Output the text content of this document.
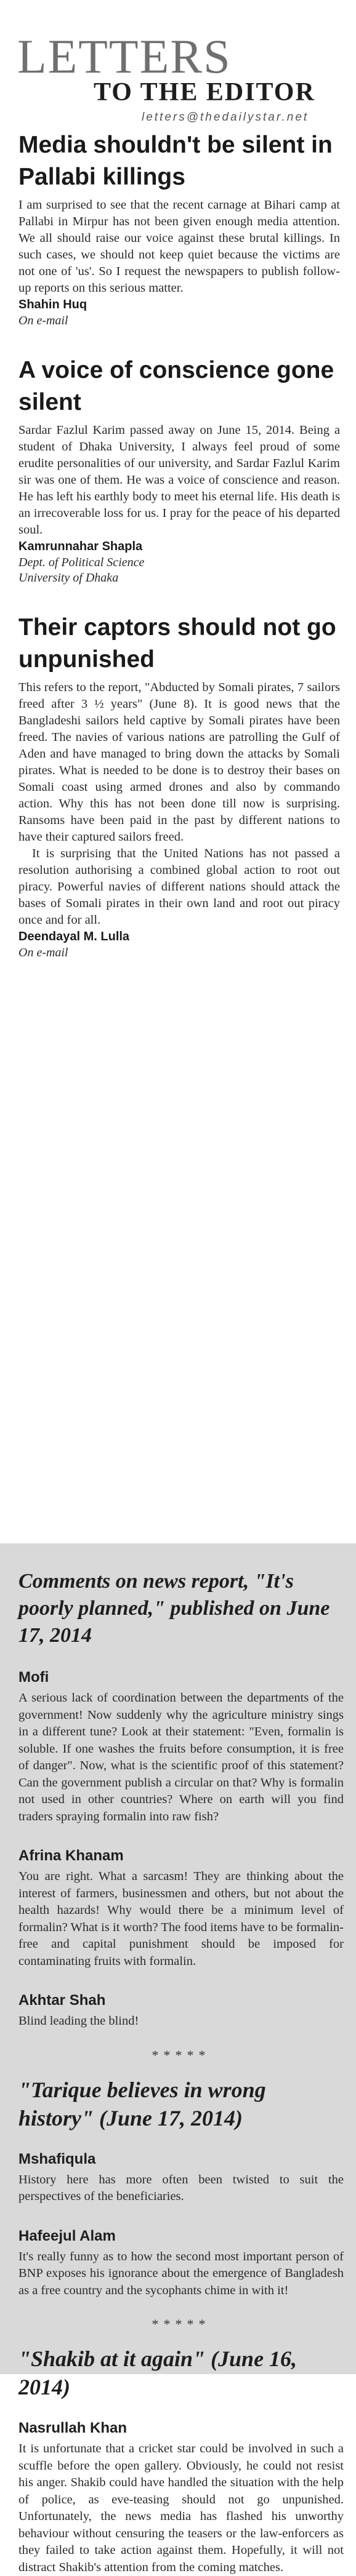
LETTERS
TO THE EDITOR
letters@thedailystar.net
Media shouldn't be silent in Pallabi killings

I am surprised to see that the recent carnage at Bihari camp at Pallabi in Mirpur has not been given enough media attention. We all should raise our voice against these brutal killings. In such cases, we should not keep quiet because the victims are not one of 'us'. So I request the newspapers to publish follow-up reports on this serious matter.

Shahin Huq
On e-mail
A voice of conscience gone silent

Sardar Fazlul Karim passed away on June 15, 2014. Being a student of Dhaka University, I always feel proud of some erudite personalities of our university, and Sardar Fazlul Karim sir was one of them. He was a voice of conscience and reason. He has left his earthly body to meet his eternal life. His death is an irrecoverable loss for us. I pray for the peace of his departed soul.

Kamrunnahar Shapla
Dept. of Political Science
University of Dhaka
Their captors should not go unpunished

This refers to the report, "Abducted by Somali pirates, 7 sailors freed after 3 ½ years" (June 8). It is good news that the Bangladeshi sailors held captive by Somali pirates have been freed. The navies of various nations are patrolling the Gulf of Aden and have managed to bring down the attacks by Somali pirates. What is needed to be done is to destroy their bases on Somali coast using armed drones and also by commando action. Why this has not been done till now is surprising. Ransoms have been paid in the past by different nations to have their captured sailors freed.

It is surprising that the United Nations has not passed a resolution authorising a combined global action to root out piracy. Powerful navies of different nations should attack the bases of Somali pirates in their own land and root out piracy once and for all.

Deendayal M. Lulla
On e-mail
Comments on news report, "It's poorly planned," published on June 17, 2014
Mofi
A serious lack of coordination between the departments of the government! Now suddenly why the agriculture ministry sings in a different tune? Look at their statement: "Even, formalin is soluble. If one washes the fruits before consumption, it is free of danger". Now, what is the scientific proof of this statement? Can the government publish a circular on that? Why is formalin not used in other countries? Where on earth will you find traders spraying formalin into raw fish?
Afrina Khanam
You are right. What a sarcasm! They are thinking about the interest of farmers, businessmen and others, but not about the health hazards! Why would there be a minimum level of formalin? What is it worth? The food items have to be formalin-free and capital punishment should be imposed for contaminating fruits with formalin.
Akhtar Shah
Blind leading the blind!
*****
"Tarique believes in wrong history" (June 17, 2014)
Mshafiqula
History here has more often been twisted to suit the perspectives of the beneficiaries.
Hafeejul Alam
It's really funny as to how the second most important person of BNP exposes his ignorance about the emergence of Bangladesh as a free country and the sycophants chime in with it!
*****
"Shakib at it again" (June 16, 2014)
Nasrullah Khan
It is unfortunate that a cricket star could be involved in such a scuffle before the open gallery. Obviously, he could not resist his anger. Shakib could have handled the situation with the help of police, as eve-teasing should not go unpunished. Unfortunately, the news media has flashed his unworthy behaviour without censuring the teasers or the law-enforcers as they failed to take action against them. Hopefully, it will not distract Shakib's attention from the coming matches.
